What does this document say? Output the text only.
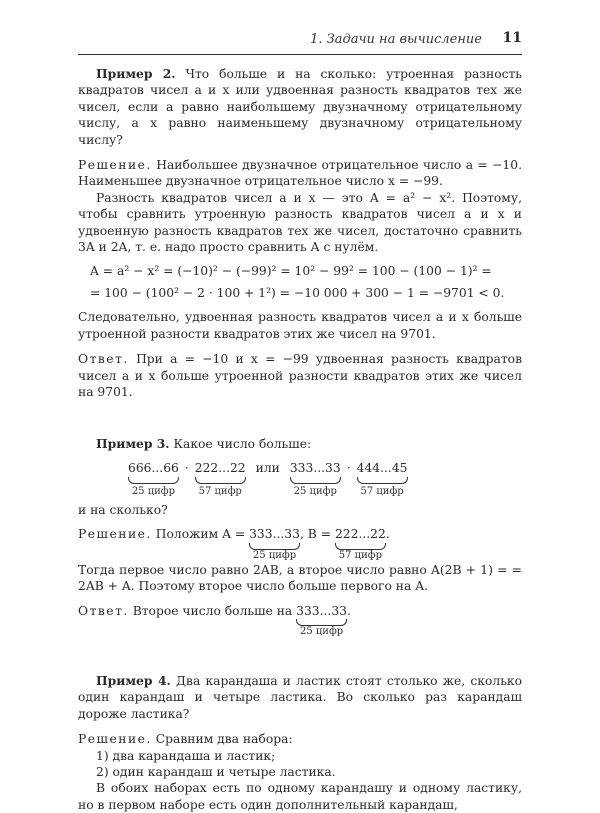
1. Задачи на вычисление 11

Пример 2. Что больше и на сколько: утроенная разность квадратов чисел a и x или удвоенная разность квадратов тех же чисел, если a равно наибольшему двузначному отрицательному числу, а x равно наименьшему двузначному отрицательному числу?

Решение. Наибольшее двузначное отрицательное число a = −10. Наименьшее двузначное отрицательное число x = −99.

Разность квадратов чисел a и x — это A = a² − x². Поэтому, чтобы сравнить утроенную разность квадратов чисел a и x и удвоенную разность квадратов тех же чисел, достаточно сравнить 3A и 2A, т. е. надо просто сравнить A с нулём.

A = a² − x² = (−10)² − (−99)² = 10² − 99² = 100 − (100 − 1)² =
= 100 − (100² − 2 · 100 + 1²) = −10 000 + 300 − 1 = −9701 < 0.

Следовательно, удвоенная разность квадратов чисел a и x больше утроенной разности квадратов этих же чисел на 9701.

Ответ. При a = −10 и x = −99 удвоенная разность квадратов чисел a и x больше утроенной разности квадратов этих же чисел на 9701.

Пример 3. Какое число больше:

666...66
25 цифр
· 222...22
57 цифр
или 333...33
25 цифр
· 444...45
57 цифр

и на сколько?

Решение. Положим A = 333...33
25 цифр
, B = 222...22
57 цифр
.

Тогда первое число равно 2AB, а второе число равно A(2B + 1) = = 2AB + A. Поэтому второе число больше первого на A.

Ответ. Второе число больше на 333...33
25 цифр
.

Пример 4. Два карандаша и ластик стоят столько же, сколько один карандаш и четыре ластика. Во сколько раз карандаш дороже ластика?

Решение. Сравним два набора:

1) два карандаша и ластик;
2) один карандаш и четыре ластика.

В обоих наборах есть по одному карандашу и одному ластику, но в первом наборе есть один дополнительный карандаш,
